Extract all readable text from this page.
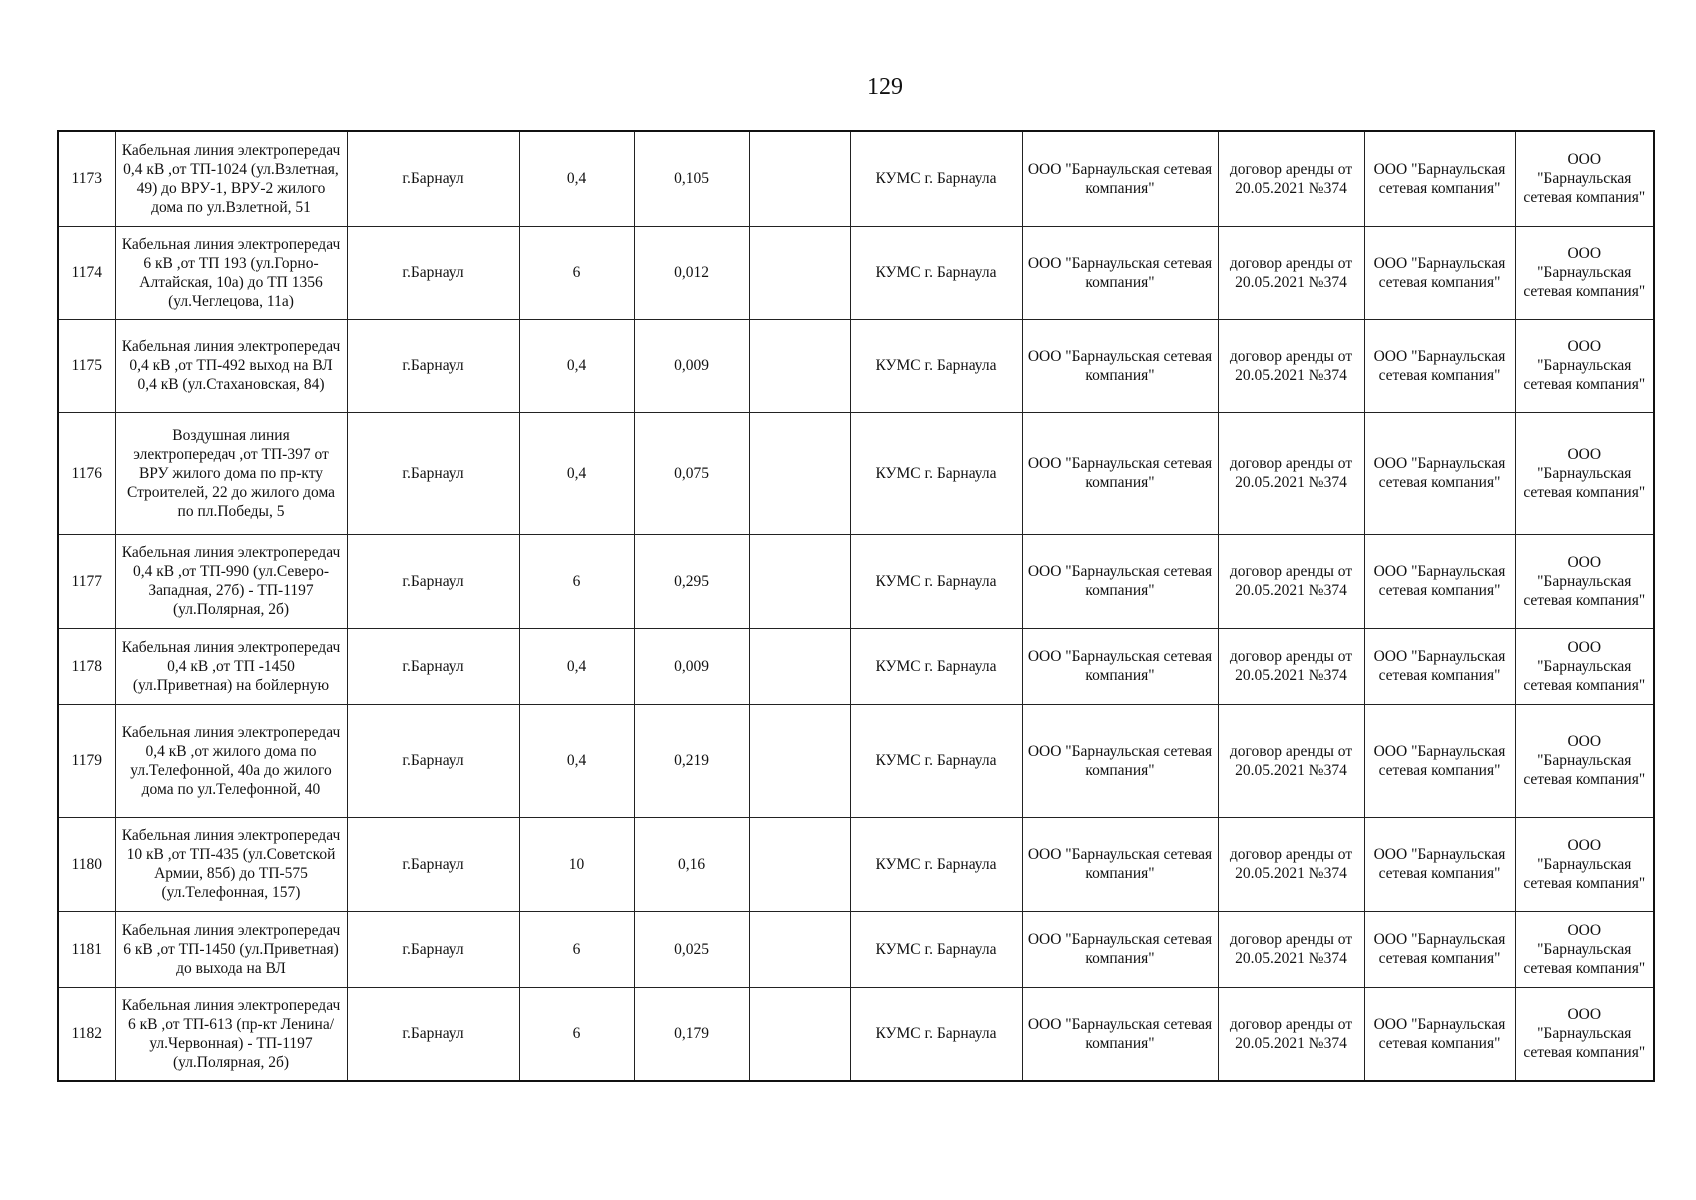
129
1173	Кабельная линия электропередач 0,4 кВ ,от ТП-1024 (ул.Взлетная, 49) до ВРУ-1, ВРУ-2 жилого дома по ул.Взлетной, 51	г.Барнаул	0,4	0,105		КУМС г. Барнаула	ООО "Барнаульская сетевая компания"	договор аренды от 20.05.2021 №374	ООО "Барнаульская сетевая компания"	ООО "Барнаульская сетевая компания"
1174	Кабельная линия электропередач 6 кВ ,от ТП 193 (ул.Горно-Алтайская, 10а) до ТП 1356 (ул.Чеглецова, 11а)	г.Барнаул	6	0,012		КУМС г. Барнаула	ООО "Барнаульская сетевая компания"	договор аренды от 20.05.2021 №374	ООО "Барнаульская сетевая компания"	ООО "Барнаульская сетевая компания"
1175	Кабельная линия электропередач 0,4 кВ ,от ТП-492 выход на ВЛ 0,4 кВ (ул.Стахановская, 84)	г.Барнаул	0,4	0,009		КУМС г. Барнаула	ООО "Барнаульская сетевая компания"	договор аренды от 20.05.2021 №374	ООО "Барнаульская сетевая компания"	ООО "Барнаульская сетевая компания"
1176	Воздушная линия электропередач ,от ТП-397 от ВРУ жилого дома по пр-кту Строителей, 22 до жилого дома по пл.Победы, 5	г.Барнаул	0,4	0,075		КУМС г. Барнаула	ООО "Барнаульская сетевая компания"	договор аренды от 20.05.2021 №374	ООО "Барнаульская сетевая компания"	ООО "Барнаульская сетевая компания"
1177	Кабельная линия электропередач 0,4 кВ ,от ТП-990 (ул.Северо-Западная, 27б) - ТП-1197 (ул.Полярная, 2б)	г.Барнаул	6	0,295		КУМС г. Барнаула	ООО "Барнаульская сетевая компания"	договор аренды от 20.05.2021 №374	ООО "Барнаульская сетевая компания"	ООО "Барнаульская сетевая компания"
1178	Кабельная линия электропередач 0,4 кВ ,от ТП -1450 (ул.Приветная) на бойлерную	г.Барнаул	0,4	0,009		КУМС г. Барнаула	ООО "Барнаульская сетевая компания"	договор аренды от 20.05.2021 №374	ООО "Барнаульская сетевая компания"	ООО "Барнаульская сетевая компания"
1179	Кабельная линия электропередач 0,4 кВ ,от жилого дома по ул.Телефонной, 40а до жилого дома по ул.Телефонной, 40	г.Барнаул	0,4	0,219		КУМС г. Барнаула	ООО "Барнаульская сетевая компания"	договор аренды от 20.05.2021 №374	ООО "Барнаульская сетевая компания"	ООО "Барнаульская сетевая компания"
1180	Кабельная линия электропередач 10 кВ ,от ТП-435 (ул.Советской Армии, 85б) до ТП-575 (ул.Телефонная, 157)	г.Барнаул	10	0,16		КУМС г. Барнаула	ООО "Барнаульская сетевая компания"	договор аренды от 20.05.2021 №374	ООО "Барнаульская сетевая компания"	ООО "Барнаульская сетевая компания"
1181	Кабельная линия электропередач 6 кВ ,от ТП-1450 (ул.Приветная) до выхода на ВЛ	г.Барнаул	6	0,025		КУМС г. Барнаула	ООО "Барнаульская сетевая компания"	договор аренды от 20.05.2021 №374	ООО "Барнаульская сетевая компания"	ООО "Барнаульская сетевая компания"
1182	Кабельная линия электропередач 6 кВ ,от ТП-613 (пр-кт Ленина/ул.Червонная) - ТП-1197 (ул.Полярная, 2б)	г.Барнаул	6	0,179		КУМС г. Барнаула	ООО "Барнаульская сетевая компания"	договор аренды от 20.05.2021 №374	ООО "Барнаульская сетевая компания"	ООО "Барнаульская сетевая компания"
